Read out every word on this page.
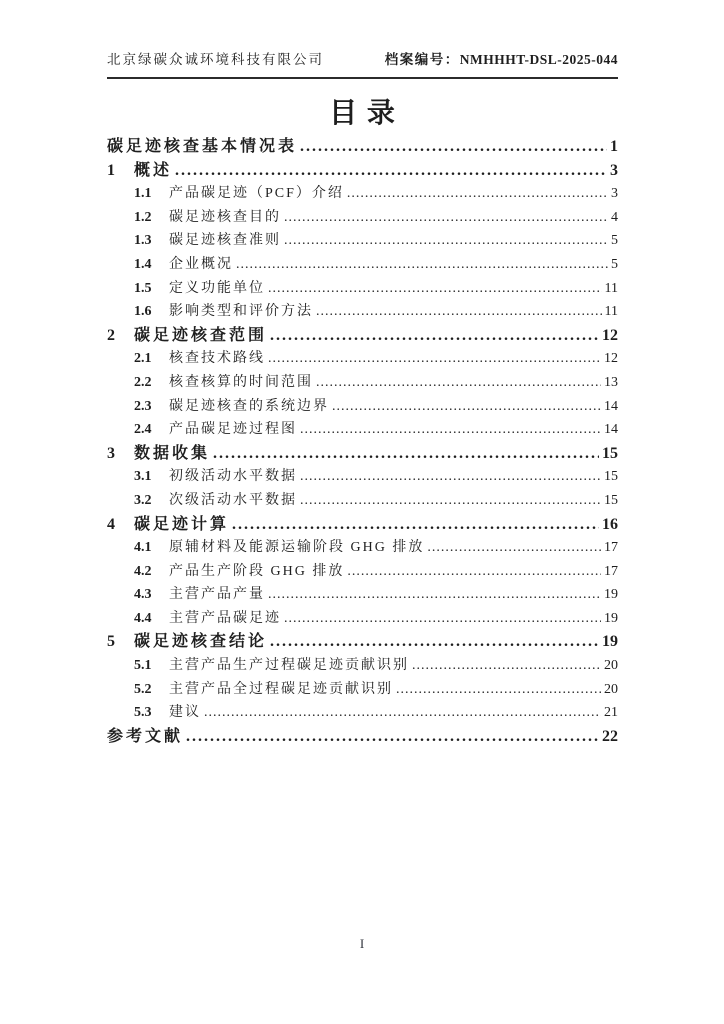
北京绿碳众诚环境科技有限公司	档案编号：NMHHHT-DSL-2025-044
目录
碳足迹核查基本情况表 .....	1
1	概述 .....	3
1.1	产品碳足迹（PCF）介绍 .....	3
1.2	碳足迹核查目的 .....	4
1.3	碳足迹核查准则 .....	5
1.4	企业概况 .....	5
1.5	定义功能单位 .....	11
1.6	影响类型和评价方法 .....	11
2	碳足迹核查范围 .....	12
2.1	核查技术路线 .....	12
2.2	核查核算的时间范围 .....	13
2.3	碳足迹核查的系统边界 .....	14
2.4	产品碳足迹过程图 .....	14
3	数据收集 .....	15
3.1	初级活动水平数据 .....	15
3.2	次级活动水平数据 .....	15
4	碳足迹计算 .....	16
4.1	原辅材料及能源运输阶段 GHG 排放 .....	17
4.2	产品生产阶段 GHG 排放 .....	17
4.3	主营产品产量 .....	19
4.4	主营产品碳足迹 .....	19
5	碳足迹核查结论 .....	19
5.1	主营产品生产过程碳足迹贡献识别 .....	20
5.2	主营产品全过程碳足迹贡献识别 .....	20
5.3	建议 .....	21
参考文献 .....	22
I
